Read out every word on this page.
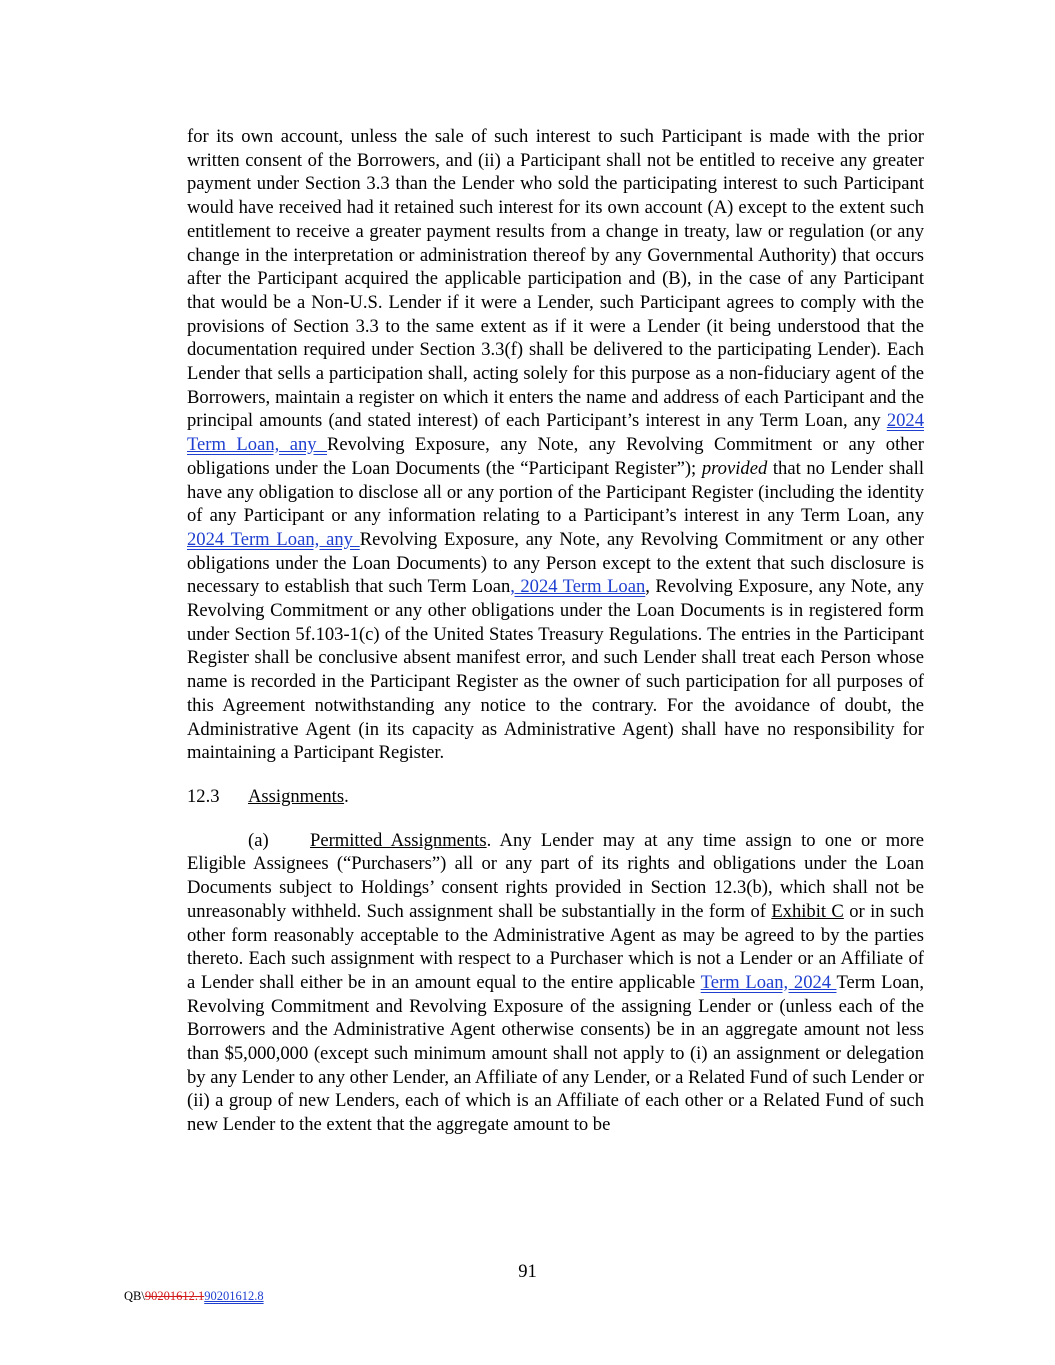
for its own account, unless the sale of such interest to such Participant is made with the prior written consent of the Borrowers, and (ii) a Participant shall not be entitled to receive any greater payment under Section 3.3 than the Lender who sold the participating interest to such Participant would have received had it retained such interest for its own account (A) except to the extent such entitlement to receive a greater payment results from a change in treaty, law or regulation (or any change in the interpretation or administration thereof by any Governmental Authority) that occurs after the Participant acquired the applicable participation and (B), in the case of any Participant that would be a Non-U.S. Lender if it were a Lender, such Participant agrees to comply with the provisions of Section 3.3 to the same extent as if it were a Lender (it being understood that the documentation required under Section 3.3(f) shall be delivered to the participating Lender). Each Lender that sells a participation shall, acting solely for this purpose as a non-fiduciary agent of the Borrowers, maintain a register on which it enters the name and address of each Participant and the principal amounts (and stated interest) of each Participant’s interest in any Term Loan, any 2024 Term Loan, any Revolving Exposure, any Note, any Revolving Commitment or any other obligations under the Loan Documents (the “Participant Register”); provided that no Lender shall have any obligation to disclose all or any portion of the Participant Register (including the identity of any Participant or any information relating to a Participant’s interest in any Term Loan, any 2024 Term Loan, any Revolving Exposure, any Note, any Revolving Commitment or any other obligations under the Loan Documents) to any Person except to the extent that such disclosure is necessary to establish that such Term Loan, 2024 Term Loan, Revolving Exposure, any Note, any Revolving Commitment or any other obligations under the Loan Documents is in registered form under Section 5f.103-1(c) of the United States Treasury Regulations. The entries in the Participant Register shall be conclusive absent manifest error, and such Lender shall treat each Person whose name is recorded in the Participant Register as the owner of such participation for all purposes of this Agreement notwithstanding any notice to the contrary. For the avoidance of doubt, the Administrative Agent (in its capacity as Administrative Agent) shall have no responsibility for maintaining a Participant Register.

12.3 Assignments.

(a) Permitted Assignments. Any Lender may at any time assign to one or more Eligible Assignees (“Purchasers”) all or any part of its rights and obligations under the Loan Documents subject to Holdings’ consent rights provided in Section 12.3(b), which shall not be unreasonably withheld. Such assignment shall be substantially in the form of Exhibit C or in such other form reasonably acceptable to the Administrative Agent as may be agreed to by the parties thereto. Each such assignment with respect to a Purchaser which is not a Lender or an Affiliate of a Lender shall either be in an amount equal to the entire applicable Term Loan, 2024 Term Loan, Revolving Commitment and Revolving Exposure of the assigning Lender or (unless each of the Borrowers and the Administrative Agent otherwise consents) be in an aggregate amount not less than $5,000,000 (except such minimum amount shall not apply to (i) an assignment or delegation by any Lender to any other Lender, an Affiliate of any Lender, or a Related Fund of such Lender or (ii) a group of new Lenders, each of which is an Affiliate of each other or a Related Fund of such new Lender to the extent that the aggregate amount to be

91
QB\90201612.190201612.8
